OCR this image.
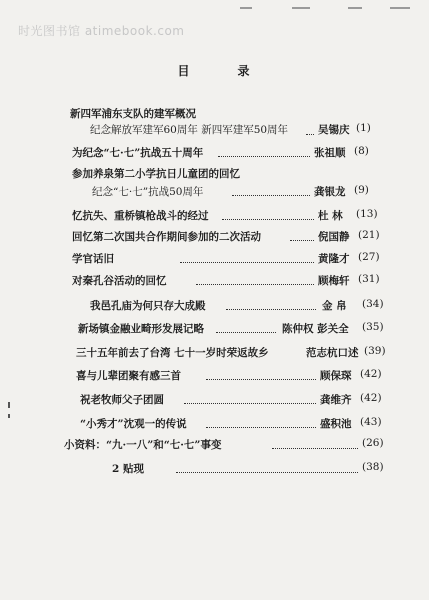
时光图书馆 atimebook.com
目	录
新四军浦东支队的建军概况
纪念解放军建军60周年 新四军建军50周年	吴锡庆 (1)
为纪念“七·七”抗战五十周年	张祖顺 (8)
参加养泉第二小学抗日儿童团的回忆
纪念“七·七”抗战50周年	龚银龙 (9)
忆抗失、重桥镇枪战斗的经过	杜 林 (13)
回忆第二次国共合作期间参加的二次活动	倪国静 (21)
学官话旧	黄隆才 (27)
对秦孔谷活动的回忆	顾梅轩 (31)
我邑孔庙为何只存大成殿	金 帛 (34)
新场镇金融业畸形发展记略	陈仲权 彭关全 (35)
三十五年前去了台湾 七十一岁时荣返故乡	范志杭口述 (39)
喜与儿辈团聚有感三首	顾保琛 (42)
祝老牧师父子团圆	龚维齐 (42)
“小秀才”沈观一的传说	盛积池 (43)
小资料：“九·一八”和“七·七”事变	(26)
2 贴现	(38)
